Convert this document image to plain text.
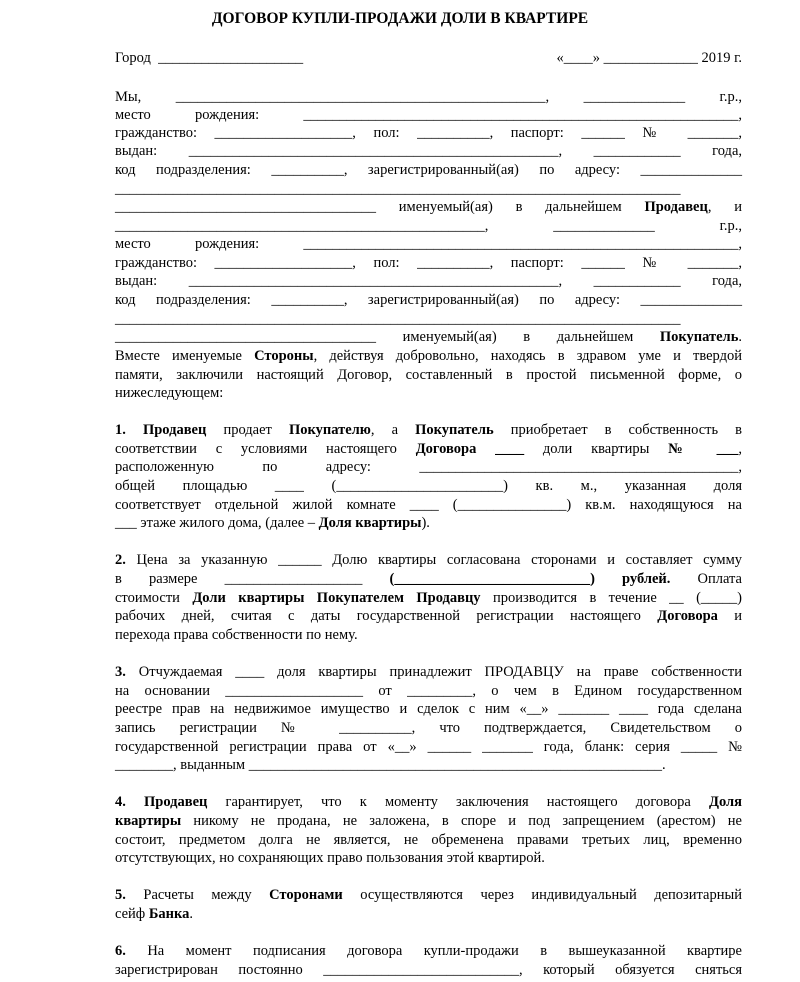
ДОГОВОР КУПЛИ-ПРОДАЖИ ДОЛИ В КВАРТИРЕ
Город  ____________________	«____» _____________ 2019 г.
Мы, ___________________________________________________, ______________ г.р.,
место рождения: ____________________________________________________________,
гражданство: ___________________, пол: __________, паспорт: ______ № _______,
выдан: ___________________________________________________, ____________ года,
код подразделения: __________, зарегистрированный(ая) по адресу: ______________
______________________________________________________________________________
____________________________________ именуемый(ая) в дальнейшем Продавец, и
___________________________________________________, ______________ г.р.,
место рождения: ____________________________________________________________,
гражданство: ___________________, пол: __________, паспорт: ______ № _______,
выдан: ___________________________________________________, ____________ года,
код подразделения: __________, зарегистрированный(ая) по адресу: ______________
______________________________________________________________________________
____________________________________ именуемый(ая) в дальнейшем Покупатель.
Вместе именуемые Стороны, действуя добровольно, находясь в здравом уме и твердой
памяти, заключили настоящий Договор, составленный в простой письменной форме, о
нижеследующем:
1. Продавец продает Покупателю, а Покупатель приобретает в собственность в
соответствии с условиями настоящего Договора ____ доли квартиры № ___,
расположенную по адресу: ____________________________________________,
общей площадью ____ (_______________________) кв. м., указанная доля
соответствует отдельной жилой комнате ____ (_______________) кв.м. находящуюся на
___ этаже жилого дома, (далее – Доля квартиры).
2. Цена за указанную ______ Долю квартиры согласована сторонами и составляет сумму
в размере ___________________ (___________________________) рублей. Оплата
стоимости Доли квартиры Покупателем Продавцу производится в течение __ (_____)
рабочих дней, считая с даты государственной регистрации настоящего Договора и
перехода права собственности по нему.
3. Отчуждаемая ____ доля квартиры принадлежит ПРОДАВЦУ на праве собственности
на основании ___________________ от _________, о чем в Едином государственном
реестре прав на недвижимое имущество и сделок с ним «__» _______ ____ года сделана
запись регистрации № __________, что подтверждается, Свидетельством о
государственной регистрации права от «__» ______ _______ года, бланк: серия _____ №
________, выданным _________________________________________________________.
4. Продавец гарантирует, что к моменту заключения настоящего договора Доля
квартиры никому не продана, не заложена, в споре и под запрещением (арестом) не
состоит, предметом долга не является, не обременена правами третьих лиц, временно
отсутствующих, но сохраняющих право пользования этой квартирой.
5. Расчеты между Сторонами осуществляются через индивидуальный депозитарный
сейф Банка.
6. На момент подписания договора купли-продажи в вышеуказанной квартире
зарегистрирован постоянно ___________________________, который обязуется сняться
